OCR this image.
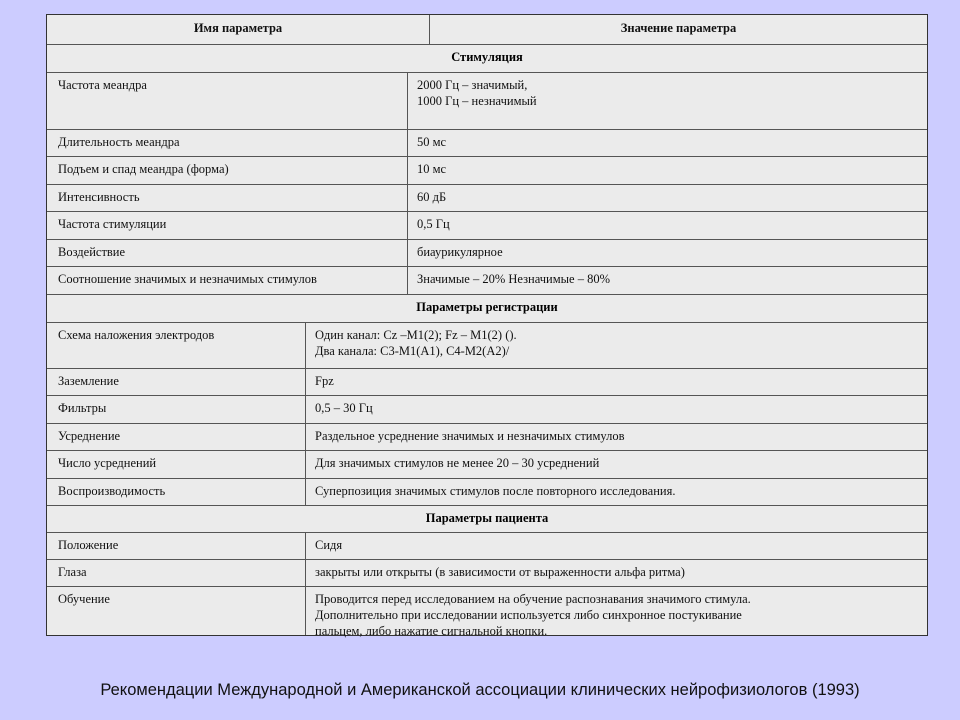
Имя параметра	Значение параметра
Стимуляция
Частота меандра	2000 Гц – значимый,
1000 Гц – незначимый
Длительность меандра	50 мс
Подъем и спад меандра (форма)	10 мс
Интенсивность	60 дБ
Частота стимуляции	0,5 Гц
Воздействие	биаурикулярное
Соотношение значимых и незначимых стимулов	Значимые – 20% Незначимые – 80%
Параметры регистрации
Схема наложения электродов	Один канал: Cz –M1(2); Fz – M1(2) ().
Два канала: C3-M1(A1), C4-M2(A2)/
Заземление	Fpz
Фильтры	0,5 – 30 Гц
Усреднение	Раздельное усреднение значимых и незначимых стимулов
Число усреднений	Для значимых стимулов не менее 20 – 30 усреднений
Воспроизводимость	Суперпозиция значимых стимулов после повторного исследования.
Параметры пациента
Положение	Сидя
Глаза	закрыты или открыты (в зависимости от выраженности альфа ритма)
Обучение	Проводится перед исследованием на обучение распознавания значимого стимула.
Дополнительно при исследовании используется либо синхронное постукивание
пальцем, либо нажатие сигнальной кнопки.
Рекомендации Международной и Американской ассоциации клинических нейрофизиологов (1993)
